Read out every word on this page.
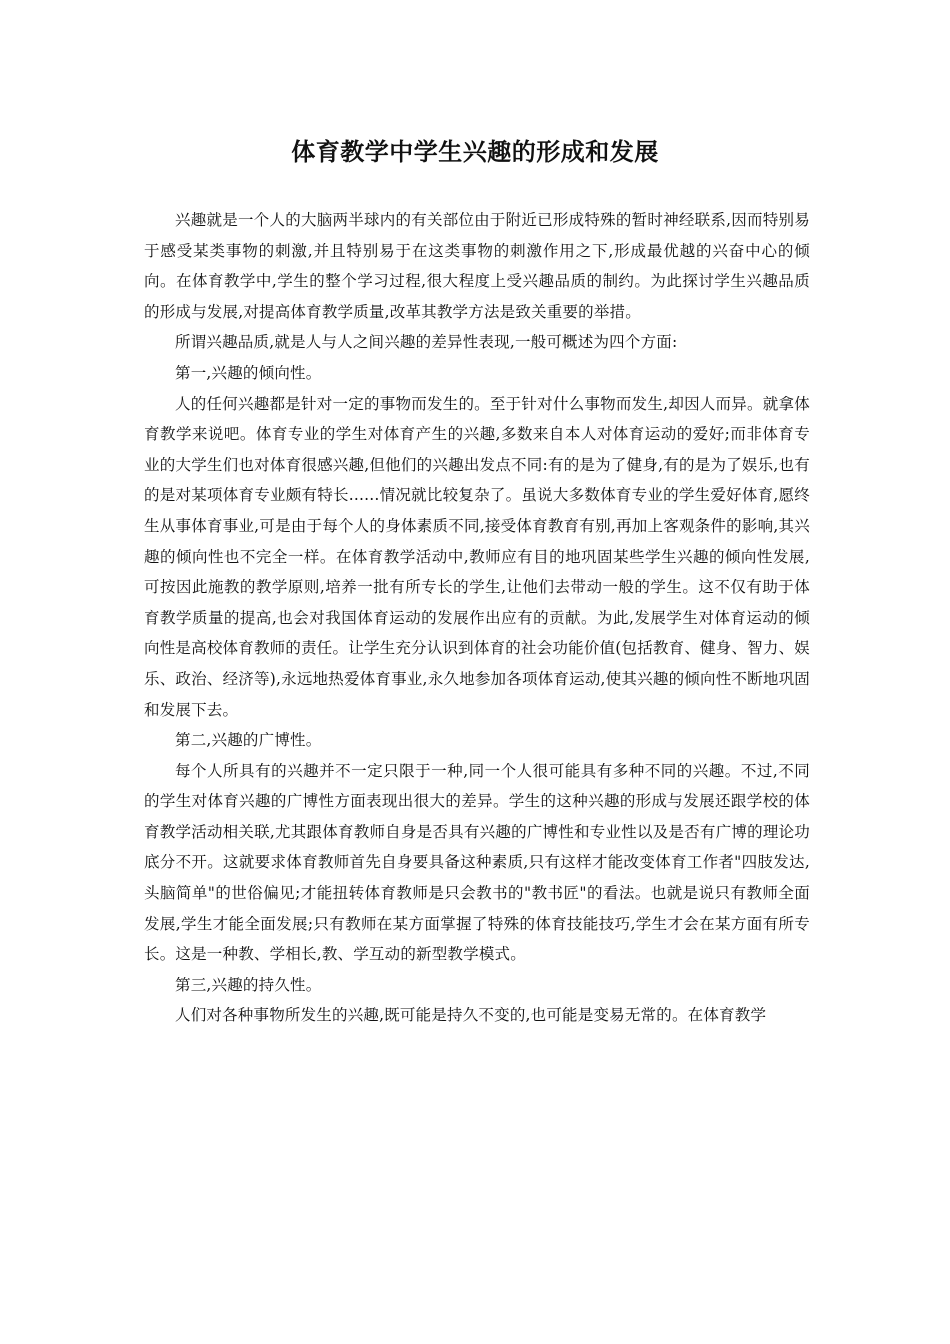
体育教学中学生兴趣的形成和发展

兴趣就是一个人的大脑两半球内的有关部位由于附近已形成特殊的暂时神经联系,因而特别易于感受某类事物的刺激,并且特别易于在这类事物的刺激作用之下,形成最优越的兴奋中心的倾向。在体育教学中,学生的整个学习过程,很大程度上受兴趣品质的制约。为此探讨学生兴趣品质的形成与发展,对提高体育教学质量,改革其教学方法是致关重要的举措。

所谓兴趣品质,就是人与人之间兴趣的差异性表现,一般可概述为四个方面:

第一,兴趣的倾向性。

人的任何兴趣都是针对一定的事物而发生的。至于针对什么事物而发生,却因人而异。就拿体育教学来说吧。体育专业的学生对体育产生的兴趣,多数来自本人对体育运动的爱好;而非体育专业的大学生们也对体育很感兴趣,但他们的兴趣出发点不同:有的是为了健身,有的是为了娱乐,也有的是对某项体育专业颇有特长......情况就比较复杂了。虽说大多数体育专业的学生爱好体育,愿终生从事体育事业,可是由于每个人的身体素质不同,接受体育教育有别,再加上客观条件的影响,其兴趣的倾向性也不完全一样。在体育教学活动中,教师应有目的地巩固某些学生兴趣的倾向性发展,可按因此施教的教学原则,培养一批有所专长的学生,让他们去带动一般的学生。这不仅有助于体育教学质量的提高,也会对我国体育运动的发展作出应有的贡献。为此,发展学生对体育运动的倾向性是高校体育教师的责任。让学生充分认识到体育的社会功能价值(包括教育、健身、智力、娱乐、政治、经济等),永远地热爱体育事业,永久地参加各项体育运动,使其兴趣的倾向性不断地巩固和发展下去。

第二,兴趣的广博性。

每个人所具有的兴趣并不一定只限于一种,同一个人很可能具有多种不同的兴趣。不过,不同的学生对体育兴趣的广博性方面表现出很大的差异。学生的这种兴趣的形成与发展还跟学校的体育教学活动相关联,尤其跟体育教师自身是否具有兴趣的广博性和专业性以及是否有广博的理论功底分不开。这就要求体育教师首先自身要具备这种素质,只有这样才能改变体育工作者"四肢发达,头脑简单"的世俗偏见;才能扭转体育教师是只会教书的"教书匠"的看法。也就是说只有教师全面发展,学生才能全面发展;只有教师在某方面掌握了特殊的体育技能技巧,学生才会在某方面有所专长。这是一种教、学相长,教、学互动的新型教学模式。

第三,兴趣的持久性。

人们对各种事物所发生的兴趣,既可能是持久不变的,也可能是变易无常的。在体育教学
